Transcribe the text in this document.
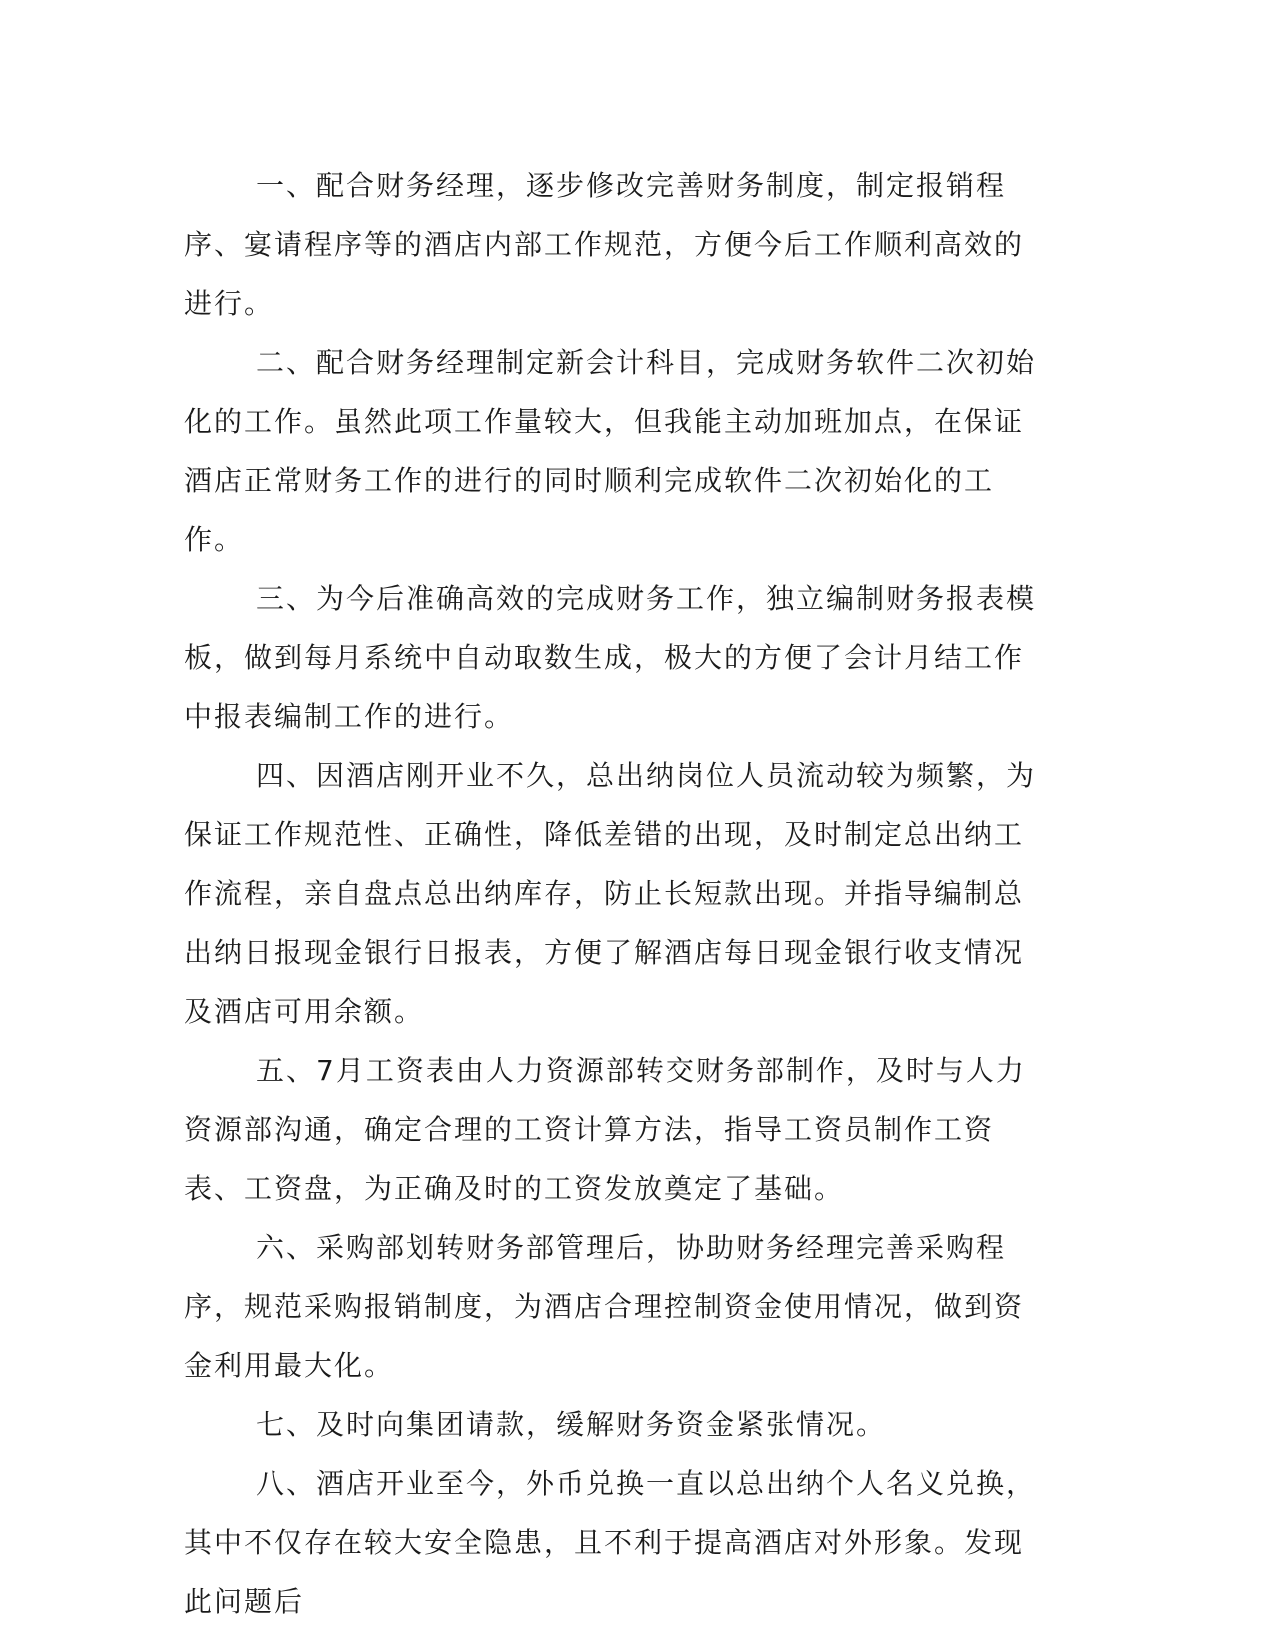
一、配合财务经理，逐步修改完善财务制度，制定报销程序、宴请程序等的酒店内部工作规范，方便今后工作顺利高效的进行。

二、配合财务经理制定新会计科目，完成财务软件二次初始化的工作。虽然此项工作量较大，但我能主动加班加点，在保证酒店正常财务工作的进行的同时顺利完成软件二次初始化的工作。

三、为今后准确高效的完成财务工作，独立编制财务报表模板，做到每月系统中自动取数生成，极大的方便了会计月结工作中报表编制工作的进行。

四、因酒店刚开业不久，总出纳岗位人员流动较为频繁，为保证工作规范性、正确性，降低差错的出现，及时制定总出纳工作流程，亲自盘点总出纳库存，防止长短款出现。并指导编制总出纳日报现金银行日报表，方便了解酒店每日现金银行收支情况及酒店可用余额。

五、7月工资表由人力资源部转交财务部制作，及时与人力资源部沟通，确定合理的工资计算方法，指导工资员制作工资表、工资盘，为正确及时的工资发放奠定了基础。

六、采购部划转财务部管理后，协助财务经理完善采购程序，规范采购报销制度，为酒店合理控制资金使用情况，做到资金利用最大化。

七、及时向集团请款，缓解财务资金紧张情况。

八、酒店开业至今，外币兑换一直以总出纳个人名义兑换，其中不仅存在较大安全隐患，且不利于提高酒店对外形象。发现此问题后
